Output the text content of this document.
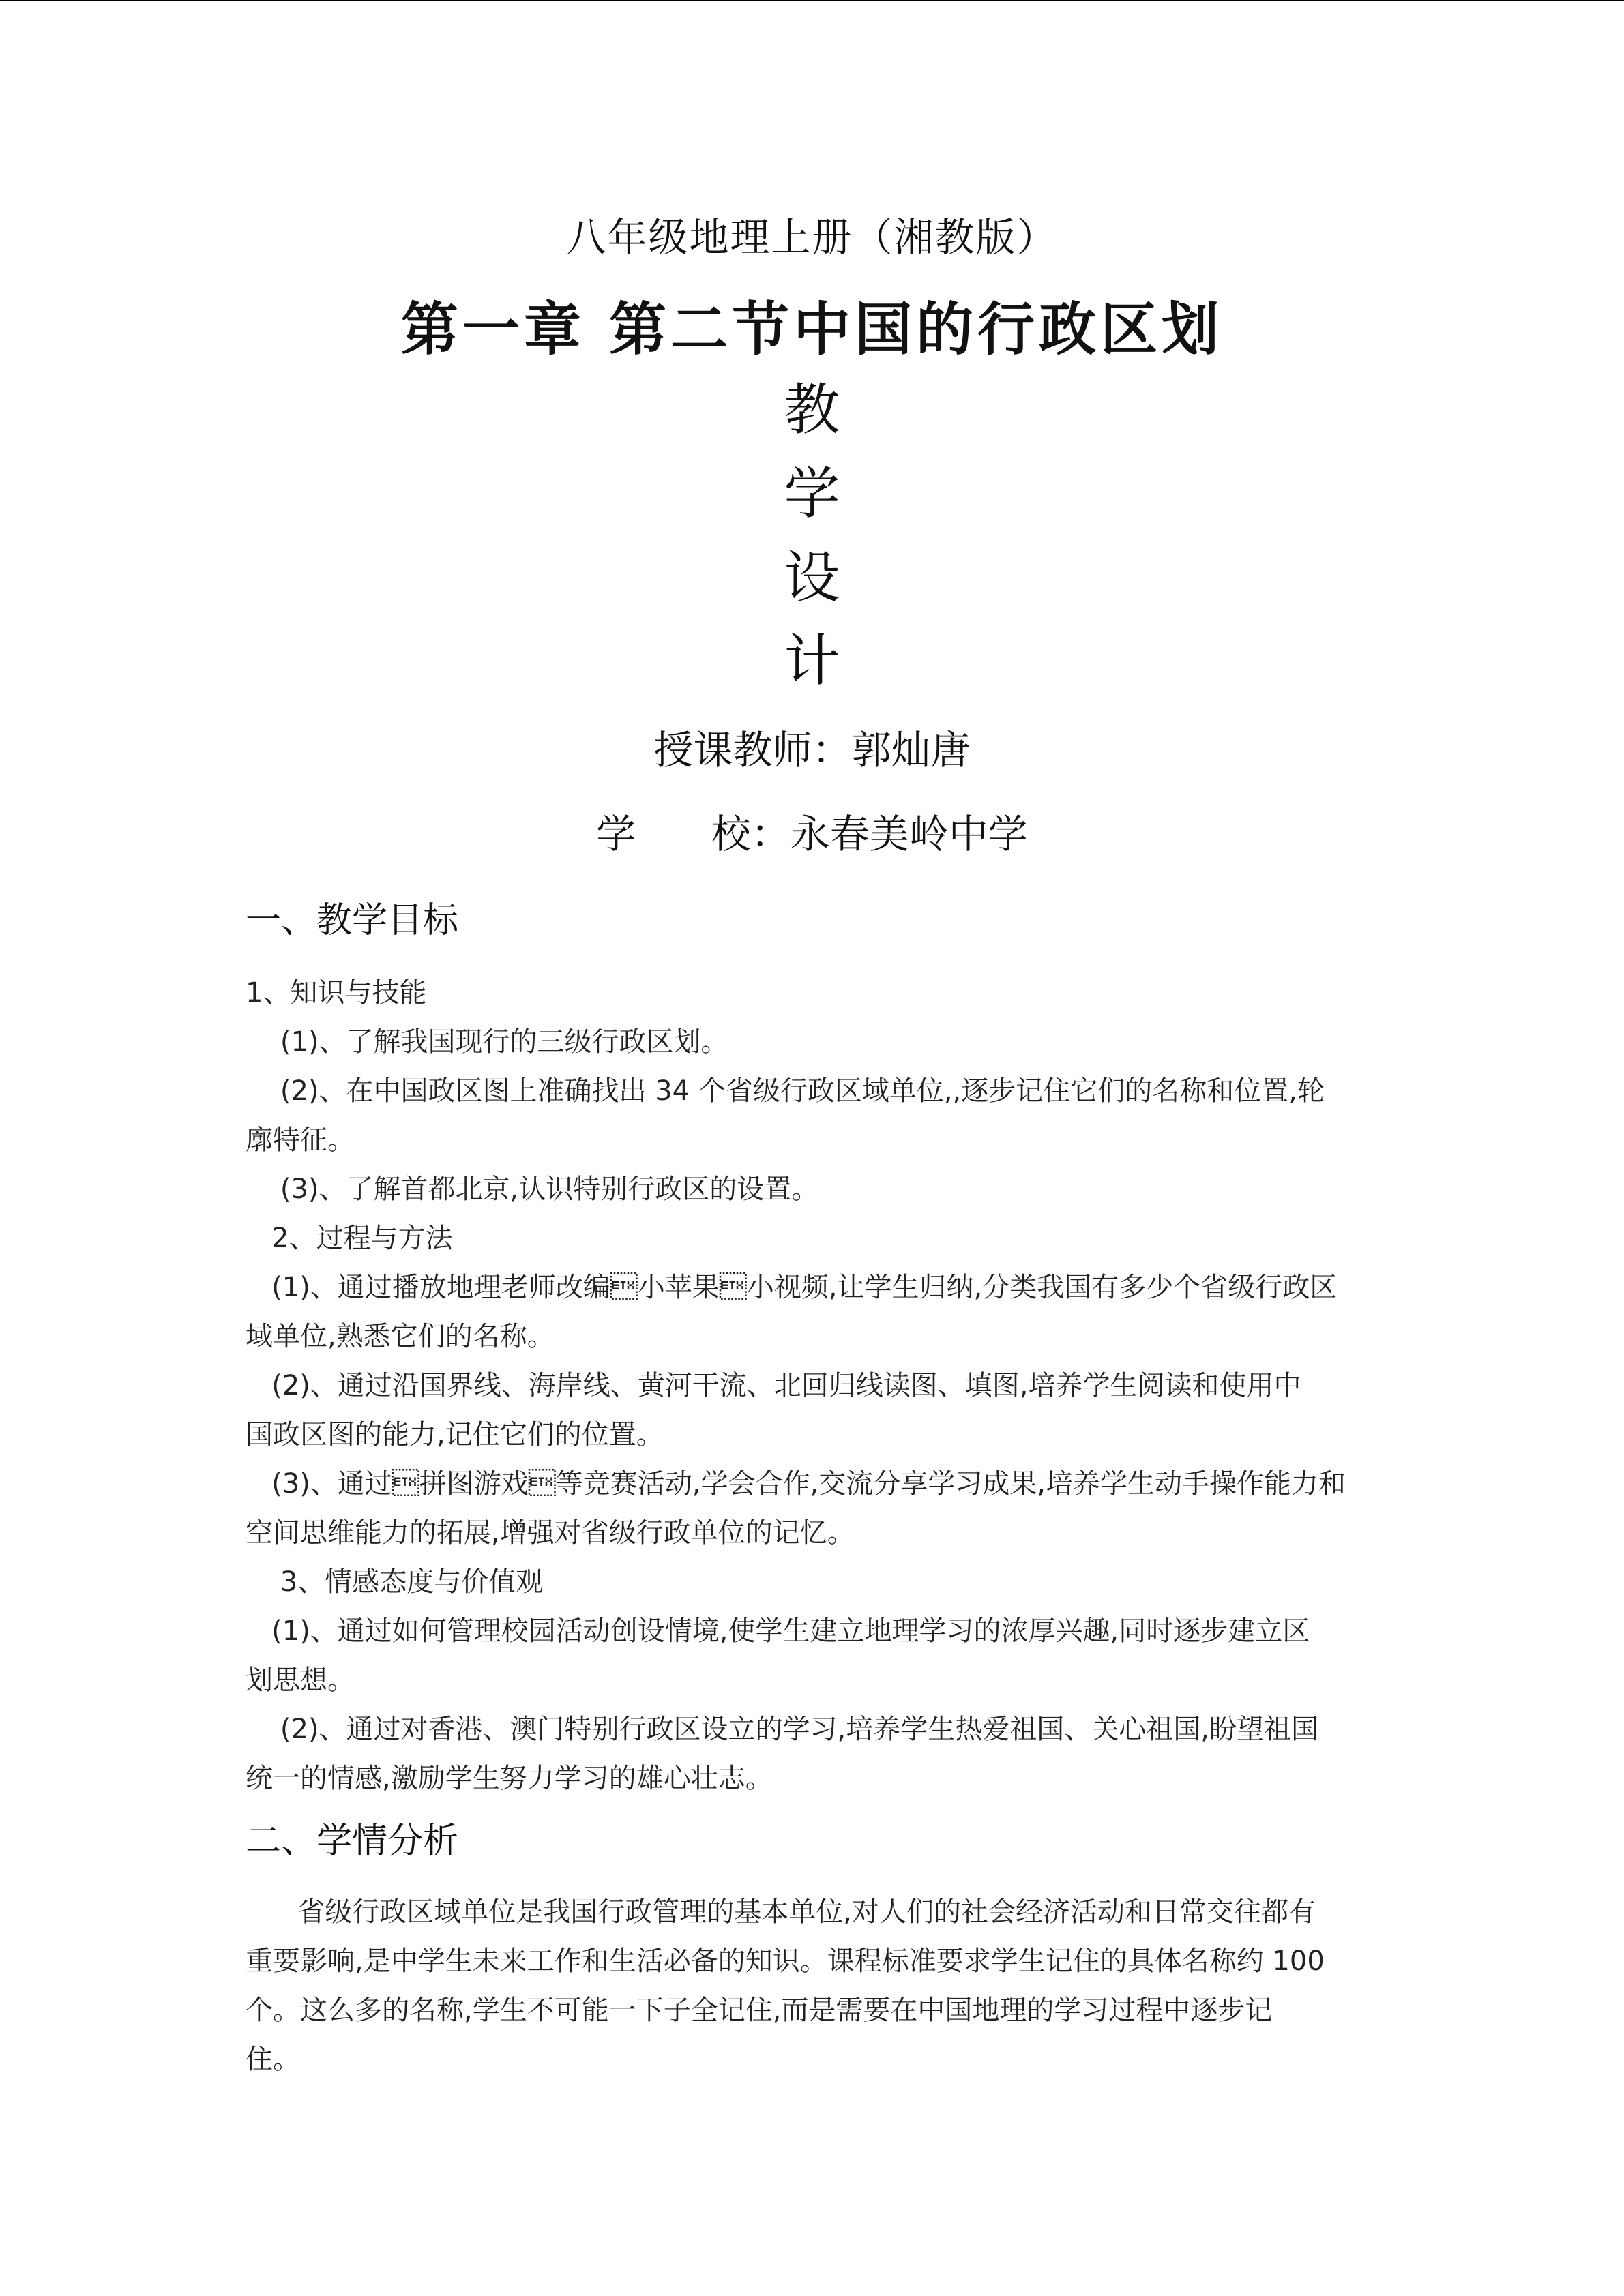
八年级地理上册（湘教版）
第一章 第二节中国的行政区划
教
学
设
计
授课教师：郭灿唐
学      校：永春美岭中学
一、教学目标

1、知识与技能

(1)、了解我国现行的三级行政区划。

(2)、在中国政区图上准确找出 34 个省级行政区域单位,,逐步记住它们的名称和位置,轮

廓特征。

(3)、了解首都北京,认识特别行政区的设置。

2、过程与方法

(1)、通过播放地理老师改编小苹果小视频,让学生归纳,分类我国有多少个省级行政区

域单位,熟悉它们的名称。

(2)、通过沿国界线、海岸线、黄河干流、北回归线读图、填图,培养学生阅读和使用中

国政区图的能力,记住它们的位置。

(3)、通过拼图游戏等竞赛活动,学会合作,交流分享学习成果,培养学生动手操作能力和

空间思维能力的拓展,增强对省级行政单位的记忆。

3、情感态度与价值观

(1)、通过如何管理校园活动创设情境,使学生建立地理学习的浓厚兴趣,同时逐步建立区

划思想。

(2)、通过对香港、澳门特别行政区设立的学习,培养学生热爱祖国、关心祖国,盼望祖国

统一的情感,激励学生努力学习的雄心壮志。

二、学情分析

省级行政区域单位是我国行政管理的基本单位,对人们的社会经济活动和日常交往都有

重要影响,是中学生未来工作和生活必备的知识。课程标准要求学生记住的具体名称约 100

个。这么多的名称,学生不可能一下子全记住,而是需要在中国地理的学习过程中逐步记

住。
